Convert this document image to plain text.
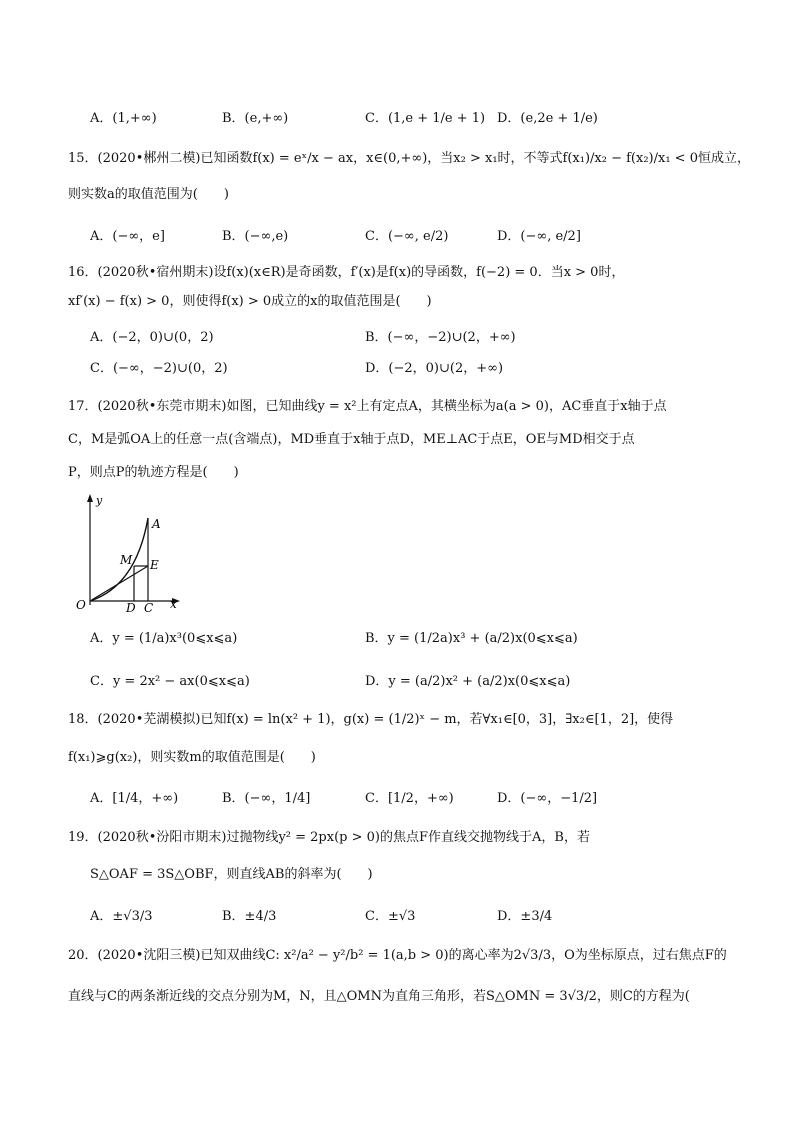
A．(1,+∞)	B．(e,+∞)	C．(1,e + 1/e + 1) D．(e,2e + 1/e)
15．(2020•郴州二模)已知函数f(x) = eˣ/x − ax，x∈(0,+∞)，当x₂ > x₁时，不等式f(x₁)/x₂ − f(x₂)/x₁ < 0恒成立，
则实数a的取值范围为(　　)
A．(−∞，e]	B．(−∞,e)	C．(−∞, e/2)	D．(−∞, e/2]
16．(2020秋•宿州期末)设f(x)(x∈R)是奇函数，f′(x)是f(x)的导函数，f(−2) = 0．当x > 0时，
xf′(x) − f(x) > 0，则使得f(x) > 0成立的x的取值范围是(　　)
A．(−2，0)∪(0，2)	B．(−∞，−2)∪(2，+∞)
C．(−∞，−2)∪(0，2)	D．(−2，0)∪(2，+∞)
17．(2020秋•东莞市期末)如图，已知曲线y = x²上有定点A，其横坐标为a(a > 0)，AC垂直于x轴于点
C，M是弧OA上的任意一点(含端点)，MD垂直于x轴于点D，ME⊥AC于点E，OE与MD相交于点
P，则点P的轨迹方程是(　　)
y
x
O
A
M E
D C
A．y = (1/a)x³(0⩽x⩽a)	B．y = (1/2a)x³ + (a/2)x(0⩽x⩽a)
C．y = 2x² − ax(0⩽x⩽a)	D．y = (a/2)x² + (a/2)x(0⩽x⩽a)
18．(2020•芜湖模拟)已知f(x) = ln(x² + 1)，g(x) = (1/2)ˣ − m，若∀x₁∈[0，3]，∃x₂∈[1，2]，使得
f(x₁)⩾g(x₂)，则实数m的取值范围是(　　)
A．[1/4，+∞)	B．(−∞，1/4]	C．[1/2，+∞)	D．(−∞，−1/2]
19．(2020秋•汾阳市期末)过抛物线y² = 2px(p > 0)的焦点F作直线交抛物线于A，B，若
S△OAF = 3S△OBF，则直线AB的斜率为(　　)
A．±√3/3	B．±4/3	C．±√3	D．±3/4
20．(2020•沈阳三模)已知双曲线C: x²/a² − y²/b² = 1(a,b > 0)的离心率为2√3/3，O为坐标原点，过右焦点F的
直线与C的两条渐近线的交点分别为M，N，且△OMN为直角三角形，若S△OMN = 3√3/2，则C的方程为(
